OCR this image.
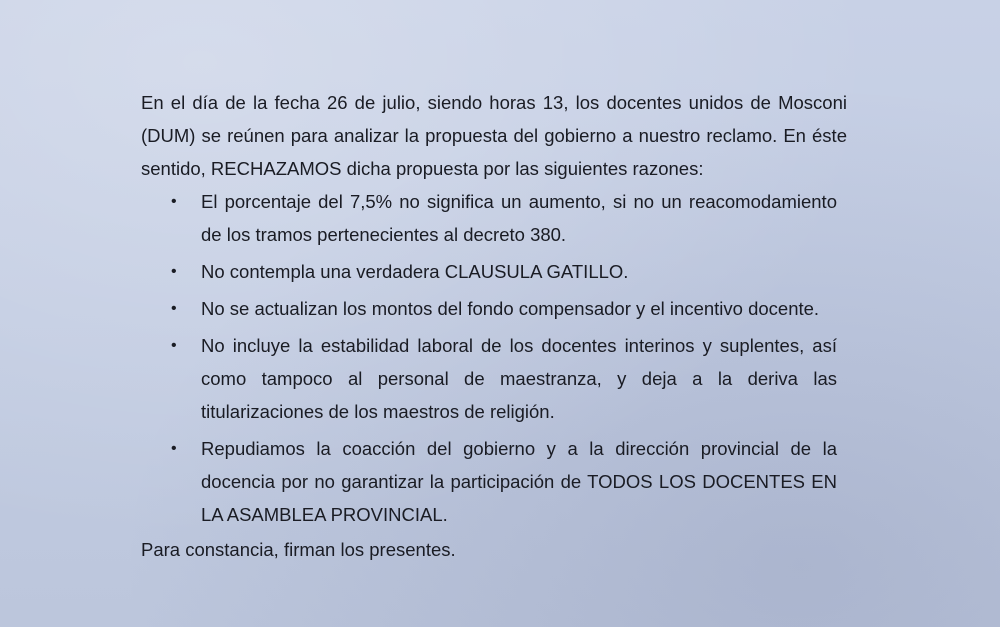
En el día de la fecha 26 de julio, siendo horas 13, los docentes unidos de Mosconi (DUM) se reúnen para analizar la propuesta del gobierno a nuestro reclamo. En éste sentido, RECHAZAMOS dicha propuesta por las siguientes razones:

• El porcentaje del 7,5% no significa un aumento, si no un reacomodamiento de los tramos pertenecientes al decreto 380.
• No contempla una verdadera CLAUSULA GATILLO.
• No se actualizan los montos del fondo compensador y el incentivo docente.
• No incluye la estabilidad laboral de los docentes interinos y suplentes, así como tampoco al personal de maestranza, y deja a la deriva las titularizaciones de los maestros de religión.
• Repudiamos la coacción del gobierno y a la dirección provincial de la docencia por no garantizar la participación de TODOS LOS DOCENTES EN LA ASAMBLEA PROVINCIAL.

Para constancia, firman los presentes.
